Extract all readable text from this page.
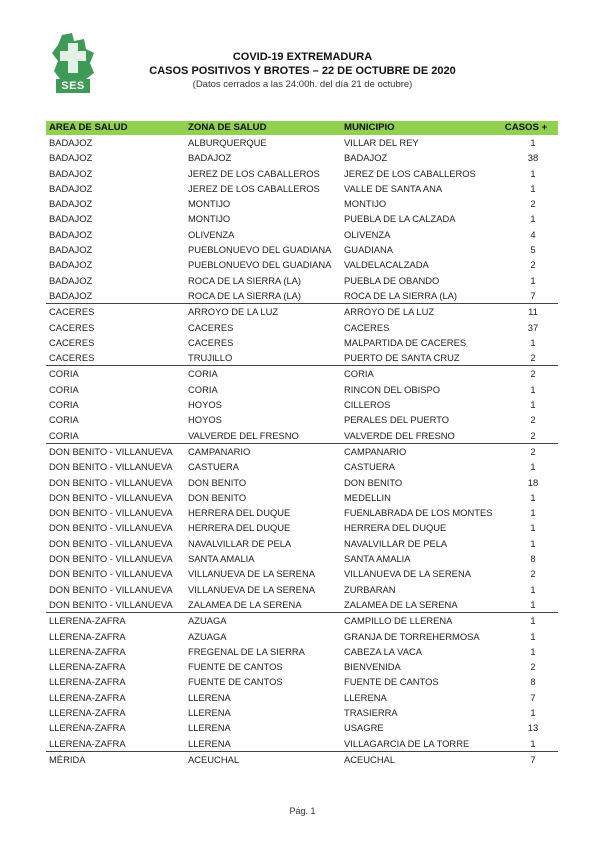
SES
COVID-19 EXTREMADURA
CASOS POSITIVOS Y BROTES – 22 DE OCTUBRE DE 2020
(Datos cerrados a las 24:00h. del día 21 de octubre)
AREA DE SALUD	ZONA DE SALUD	MUNICIPIO	CASOS +
BADAJOZ	ALBURQUERQUE	VILLAR DEL REY	1
BADAJOZ	BADAJOZ	BADAJOZ	38
BADAJOZ	JEREZ DE LOS CABALLEROS	JEREZ DE LOS CABALLEROS	1
BADAJOZ	JEREZ DE LOS CABALLEROS	VALLE DE SANTA ANA	1
BADAJOZ	MONTIJO	MONTIJO	2
BADAJOZ	MONTIJO	PUEBLA DE LA CALZADA	1
BADAJOZ	OLIVENZA	OLIVENZA	4
BADAJOZ	PUEBLONUEVO DEL GUADIANA	GUADIANA	5
BADAJOZ	PUEBLONUEVO DEL GUADIANA	VALDELACALZADA	2
BADAJOZ	ROCA DE LA SIERRA (LA)	PUEBLA DE OBANDO	1
BADAJOZ	ROCA DE LA SIERRA (LA)	ROCA DE LA SIERRA (LA)	7
CACERES	ARROYO DE LA LUZ	ARROYO DE LA LUZ	11
CACERES	CACERES	CACERES	37
CACERES	CACERES	MALPARTIDA DE CACERES	1
CACERES	TRUJILLO	PUERTO DE SANTA CRUZ	2
CORIA	CORIA	CORIA	2
CORIA	CORIA	RINCON DEL OBISPO	1
CORIA	HOYOS	CILLEROS	1
CORIA	HOYOS	PERALES DEL PUERTO	2
CORIA	VALVERDE DEL FRESNO	VALVERDE DEL FRESNO	2
DON BENITO - VILLANUEVA	CAMPANARIO	CAMPANARIO	2
DON BENITO - VILLANUEVA	CASTUERA	CASTUERA	1
DON BENITO - VILLANUEVA	DON BENITO	DON BENITO	18
DON BENITO - VILLANUEVA	DON BENITO	MEDELLIN	1
DON BENITO - VILLANUEVA	HERRERA DEL DUQUE	FUENLABRADA DE LOS MONTES	1
DON BENITO - VILLANUEVA	HERRERA DEL DUQUE	HERRERA DEL DUQUE	1
DON BENITO - VILLANUEVA	NAVALVILLAR DE PELA	NAVALVILLAR DE PELA	1
DON BENITO - VILLANUEVA	SANTA AMALIA	SANTA AMALIA	8
DON BENITO - VILLANUEVA	VILLANUEVA DE LA SERENA	VILLANUEVA DE LA SERENA	2
DON BENITO - VILLANUEVA	VILLANUEVA DE LA SERENA	ZURBARAN	1
DON BENITO - VILLANUEVA	ZALAMEA DE LA SERENA	ZALAMEA DE LA SERENA	1
LLERENA-ZAFRA	AZUAGA	CAMPILLO DE LLERENA	1
LLERENA-ZAFRA	AZUAGA	GRANJA DE TORREHERMOSA	1
LLERENA-ZAFRA	FREGENAL DE LA SIERRA	CABEZA LA VACA	1
LLERENA-ZAFRA	FUENTE DE CANTOS	BIENVENIDA	2
LLERENA-ZAFRA	FUENTE DE CANTOS	FUENTE DE CANTOS	8
LLERENA-ZAFRA	LLERENA	LLERENA	7
LLERENA-ZAFRA	LLERENA	TRASIERRA	1
LLERENA-ZAFRA	LLERENA	USAGRE	13
LLERENA-ZAFRA	LLERENA	VILLAGARCIA DE LA TORRE	1
MÉRIDA	ACEUCHAL	ACEUCHAL	7
Pág. 1
